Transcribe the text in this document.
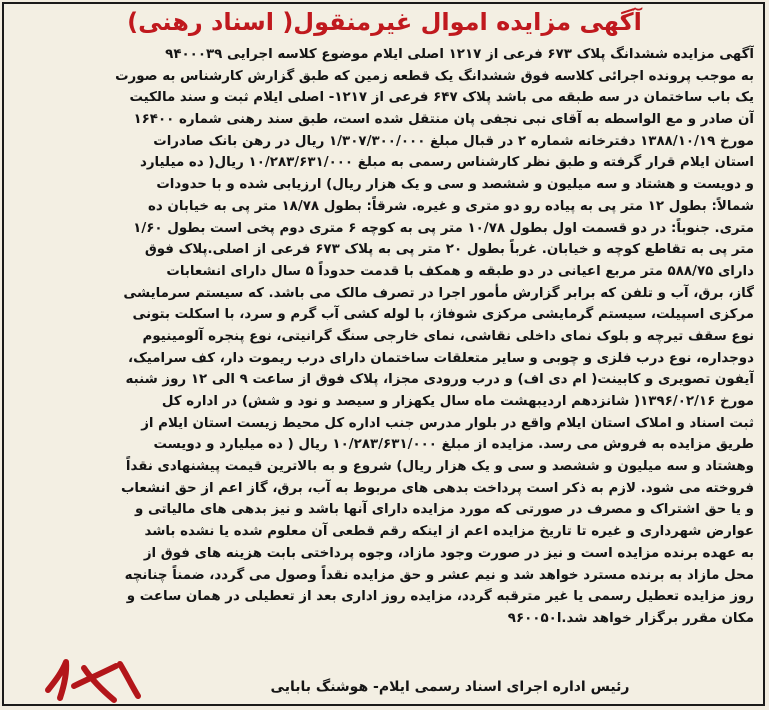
آگهی مزایده اموال غیرمنقول( اسناد رهنی)
آگهی مزایده ششدانگ پلاک ۶۷۳ فرعی از ۱۲۱۷ اصلی ایلام موضوع کلاسه اجرایی ۹۴۰۰۰۳۹
به موجب پرونده اجرائی کلاسه فوق ششدانگ یک قطعه زمین که طبق گزارش کارشناس به صورت
یک باب ساختمان در سه طبقه می باشد پلاک ۶۴۷ فرعی از ۱۲۱۷- اصلی ایلام ثبت و سند مالکیت
آن صادر و مع الواسطه به آقای نبی نجفی پان منتقل شده است، طبق سند رهنی شماره ۱۶۴۰۰
مورخ ۱۳۸۸/۱۰/۱۹ دفترخانه شماره ۲ در قبال مبلغ ۱/۳۰۷/۳۰۰/۰۰۰ ریال در رهن بانک صادرات
استان ایلام قرار گرفته و طبق نظر کارشناس رسمی به مبلغ ۱۰/۲۸۳/۶۳۱/۰۰۰ ریال( ده میلیارد
و دویست و هشتاد و سه میلیون و ششصد و سی و یک هزار ریال) ارزیابی شده و با حدودات
شمالاً: بطول ۱۲ متر پی به پیاده رو دو متری و غیره. شرقاً: بطول ۱۸/۷۸ متر پی به خیابان ده
متری. جنوباً: در دو قسمت اول بطول ۱۰/۷۸ متر پی به کوچه ۶ متری دوم پخی است بطول ۱/۶۰
متر پی به تقاطع کوچه و خیابان. غرباً بطول ۲۰ متر پی به پلاک ۶۷۳ فرعی از اصلی.پلاک فوق
دارای ۵۸۸/۷۵ متر مربع اعیانی در دو طبقه و همکف با قدمت حدوداً ۵ سال دارای انشعابات
گاز، برق، آب و تلفن که برابر گزارش مأمور اجرا در تصرف مالک می باشد. که سیستم سرمایشی
مرکزی اسپیلت، سیستم گرمایشی مرکزی شوفاژ، با لوله کشی آب گرم و سرد، با اسکلت بتونی
نوع سقف تیرچه و بلوک نمای داخلی نقاشی، نمای خارجی سنگ گرانیتی، نوع پنجره آلومینیوم
دوجداره، نوع درب فلزی و چوبی و سایر متعلقات ساختمان دارای درب ریموت دار، کف سرامیک،
آیفون تصویری و کابینت( ام دی اف) و درب ورودی مجزا، پلاک فوق از ساعت ۹ الی ۱۲ روز شنبه
مورخ ۱۳۹۶/۰۲/۱۶( شانزدهم اردیبهشت ماه سال یکهزار و سیصد و نود و شش) در اداره کل
ثبت اسناد و املاک استان ایلام واقع در بلوار مدرس جنب اداره کل محیط زیست استان ایلام از
طریق مزایده به فروش می رسد. مزایده از مبلغ ۱۰/۲۸۳/۶۳۱/۰۰۰ ریال ( ده میلیارد و دویست
وهشتاد و سه میلیون و ششصد و سی و یک هزار ریال) شروع و به بالاترین قیمت پیشنهادی نقداً
فروخته می شود. لازم به ذکر است پرداخت بدهی های مربوط به آب، برق، گاز اعم از حق انشعاب
و یا حق اشتراک و مصرف در صورتی که مورد مزایده دارای آنها باشد و نیز بدهی های مالیاتی و
عوارض شهرداری و غیره تا تاریخ مزایده اعم از اینکه رقم قطعی آن معلوم شده یا نشده باشد
به عهده برنده مزایده است و نیز در صورت وجود مازاد، وجوه پرداختی بابت هزینه های فوق از
محل مازاد به برنده مسترد خواهد شد و نیم عشر و حق مزایده نقداً وصول می گردد، ضمناً چنانچه
روز مزایده تعطیل رسمی یا غیر مترقبه گردد، مزایده روز اداری بعد از تعطیلی در همان ساعت و
مکان مقرر برگزار خواهد شد.ا۹۶۰۰۵۰
رئیس اداره اجرای اسناد رسمی ایلام- هوشنگ بابایی
